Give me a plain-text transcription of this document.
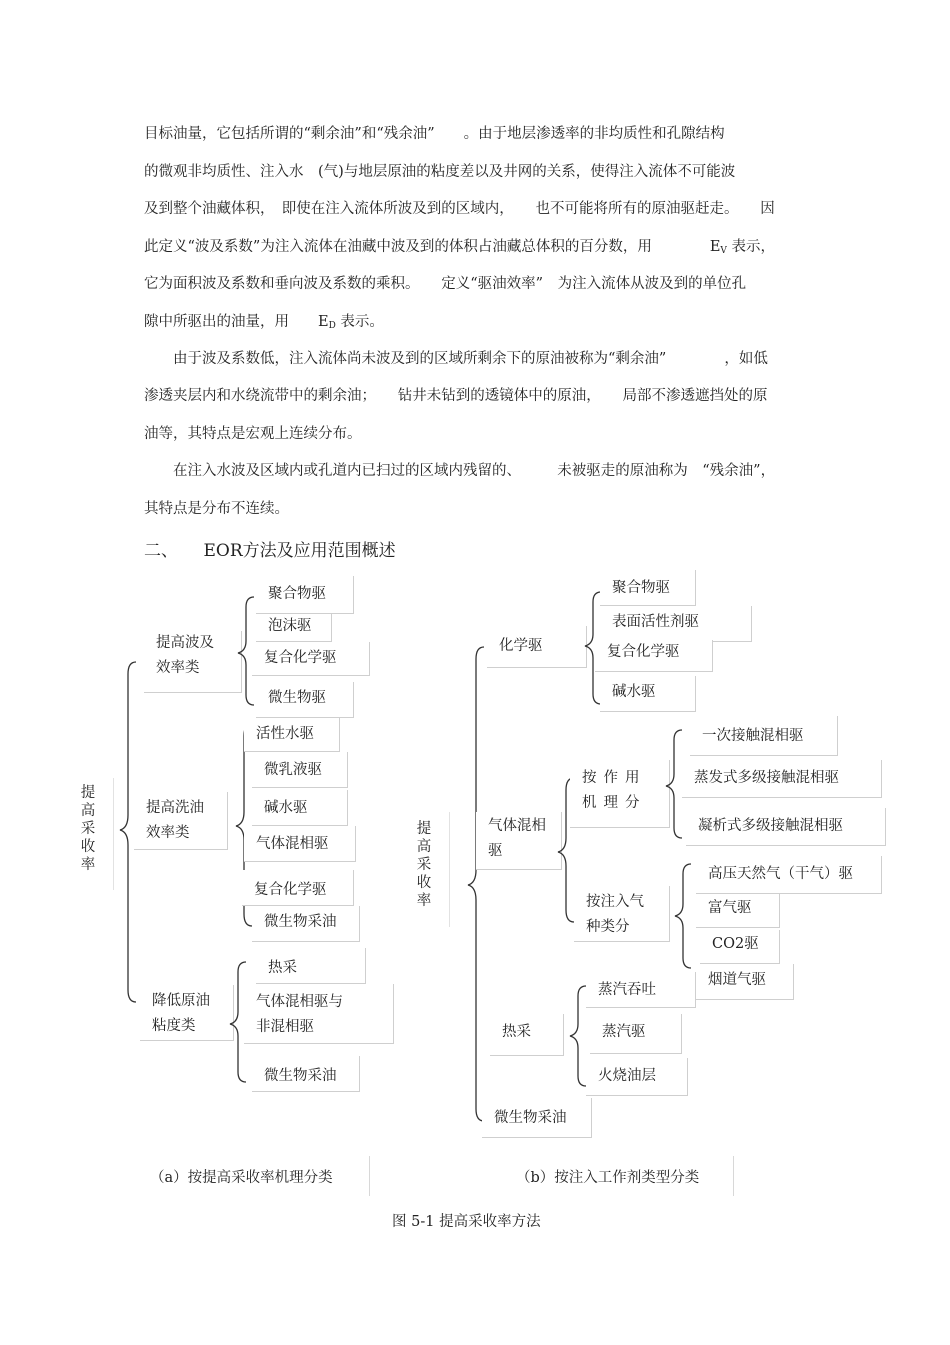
目标油量，它包括所谓的“剩余油”和“残余油”　　。由于地层渗透率的非均质性和孔隙结构
的微观非均质性、注入水　(气)与地层原油的粘度差以及井网的关系，使得注入流体不可能波
及到整个油藏体积，　即使在注入流体所波及到的区域内，　　也不可能将所有的原油驱赶走。　　因
此定义“波及系数”为注入流体在油藏中波及到的体积占油藏总体积的百分数，用　　　　$E_V$ 表示，
它为面积波及系数和垂向波及系数的乘积。　　定义“驱油效率”　为注入流体从波及到的单位孔
隙中所驱出的油量，用　　$E_D$ 表示。
　　由于波及系数低，注入流体尚未波及到的区域所剩余下的原油被称为“剩余油”　　　　，如低
渗透夹层内和水绕流带中的剩余油；　　钻井未钻到的透镜体中的原油，　　局部不渗透遮挡处的原
油等，其特点是宏观上连续分布。
　　在注入水波及区域内或孔道内已扫过的区域内残留的、　　　未被驱走的原油称为　“残余油”，
其特点是分布不连续。
二、　　EOR方法及应用范围概述
提高采收率
提高波及效率类
聚合物驱
泡沫驱
复合化学驱
微生物驱
提高洗油效率类
活性水驱
微乳液驱
碱水驱
气体混相驱
复合化学驱
微生物采油
降低原油粘度类
热采
气体混相驱与非混相驱
微生物采油
提高采收率
化学驱
聚合物驱
表面活性剂驱
复合化学驱
碱水驱
气体混相驱
按作用机理分
一次接触混相驱
蒸发式多级接触混相驱
凝析式多级接触混相驱
按注入气种类分
高压天然气（干气）驱
富气驱
CO2驱
烟道气驱
热采
蒸汽吞吐
蒸汽驱
火烧油层
微生物采油
（a）按提高采收率机理分类	（b）按注入工作剂类型分类
图 5-1 提高采收率方法
